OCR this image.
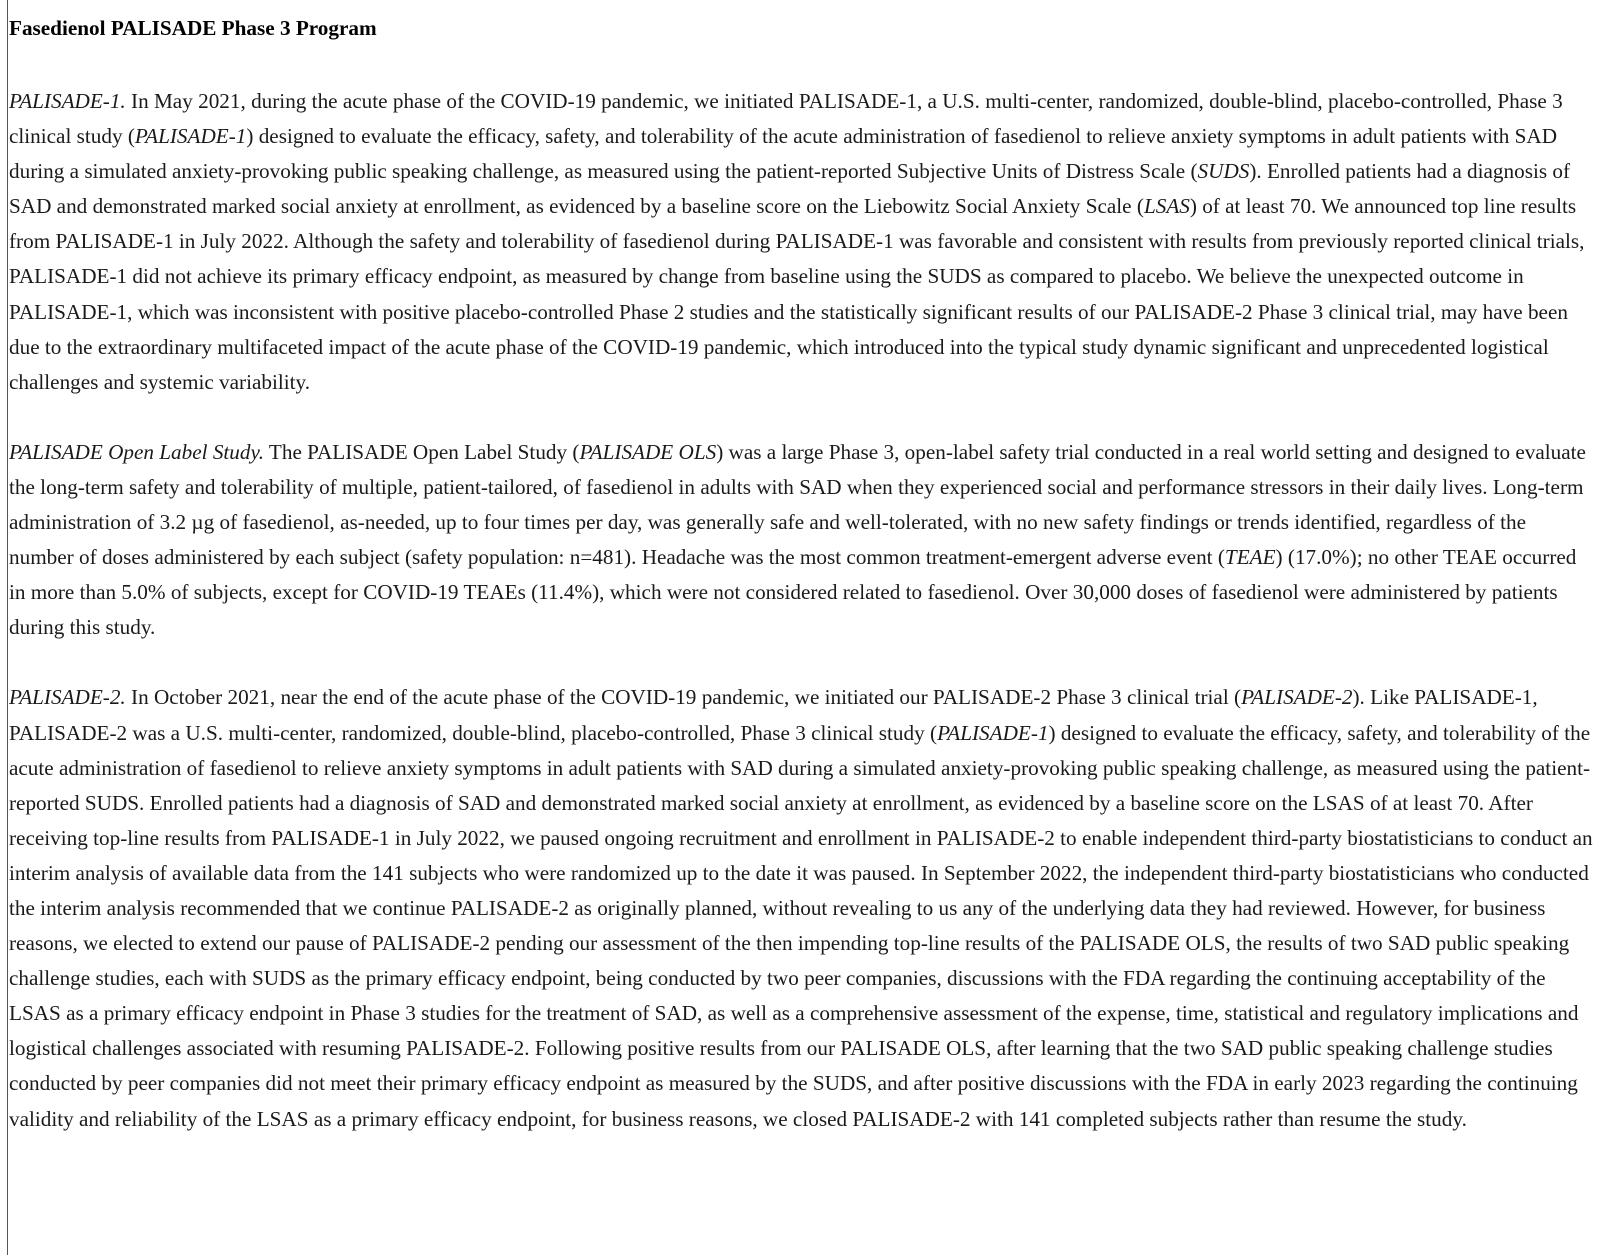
Fasedienol PALISADE Phase 3 Program

PALISADE-1. In May 2021, during the acute phase of the COVID-19 pandemic, we initiated PALISADE-1, a U.S. multi-center, randomized, double-blind, placebo-controlled, Phase 3 clinical study (PALISADE-1) designed to evaluate the efficacy, safety, and tolerability of the acute administration of fasedienol to relieve anxiety symptoms in adult patients with SAD during a simulated anxiety-provoking public speaking challenge, as measured using the patient-reported Subjective Units of Distress Scale (SUDS). Enrolled patients had a diagnosis of SAD and demonstrated marked social anxiety at enrollment, as evidenced by a baseline score on the Liebowitz Social Anxiety Scale (LSAS) of at least 70. We announced top line results from PALISADE-1 in July 2022. Although the safety and tolerability of fasedienol during PALISADE-1 was favorable and consistent with results from previously reported clinical trials, PALISADE-1 did not achieve its primary efficacy endpoint, as measured by change from baseline using the SUDS as compared to placebo. We believe the unexpected outcome in PALISADE-1, which was inconsistent with positive placebo-controlled Phase 2 studies and the statistically significant results of our PALISADE-2 Phase 3 clinical trial, may have been due to the extraordinary multifaceted impact of the acute phase of the COVID-19 pandemic, which introduced into the typical study dynamic significant and unprecedented logistical challenges and systemic variability.

PALISADE Open Label Study. The PALISADE Open Label Study (PALISADE OLS) was a large Phase 3, open-label safety trial conducted in a real world setting and designed to evaluate the long-term safety and tolerability of multiple, patient-tailored, of fasedienol in adults with SAD when they experienced social and performance stressors in their daily lives. Long-term administration of 3.2 µg of fasedienol, as-needed, up to four times per day, was generally safe and well-tolerated, with no new safety findings or trends identified, regardless of the number of doses administered by each subject (safety population: n=481). Headache was the most common treatment-emergent adverse event (TEAE) (17.0%); no other TEAE occurred in more than 5.0% of subjects, except for COVID-19 TEAEs (11.4%), which were not considered related to fasedienol. Over 30,000 doses of fasedienol were administered by patients during this study.

PALISADE-2. In October 2021, near the end of the acute phase of the COVID-19 pandemic, we initiated our PALISADE-2 Phase 3 clinical trial (PALISADE-2). Like PALISADE-1, PALISADE-2 was a U.S. multi-center, randomized, double-blind, placebo-controlled, Phase 3 clinical study (PALISADE-1) designed to evaluate the efficacy, safety, and tolerability of the acute administration of fasedienol to relieve anxiety symptoms in adult patients with SAD during a simulated anxiety-provoking public speaking challenge, as measured using the patient-reported SUDS. Enrolled patients had a diagnosis of SAD and demonstrated marked social anxiety at enrollment, as evidenced by a baseline score on the LSAS of at least 70. After receiving top-line results from PALISADE-1 in July 2022, we paused ongoing recruitment and enrollment in PALISADE-2 to enable independent third-party biostatisticians to conduct an interim analysis of available data from the 141 subjects who were randomized up to the date it was paused. In September 2022, the independent third-party biostatisticians who conducted the interim analysis recommended that we continue PALISADE-2 as originally planned, without revealing to us any of the underlying data they had reviewed. However, for business reasons, we elected to extend our pause of PALISADE-2 pending our assessment of the then impending top-line results of the PALISADE OLS, the results of two SAD public speaking challenge studies, each with SUDS as the primary efficacy endpoint, being conducted by two peer companies, discussions with the FDA regarding the continuing acceptability of the LSAS as a primary efficacy endpoint in Phase 3 studies for the treatment of SAD, as well as a comprehensive assessment of the expense, time, statistical and regulatory implications and logistical challenges associated with resuming PALISADE-2. Following positive results from our PALISADE OLS, after learning that the two SAD public speaking challenge studies conducted by peer companies did not meet their primary efficacy endpoint as measured by the SUDS, and after positive discussions with the FDA in early 2023 regarding the continuing validity and reliability of the LSAS as a primary efficacy endpoint, for business reasons, we closed PALISADE-2 with 141 completed subjects rather than resume the study.
